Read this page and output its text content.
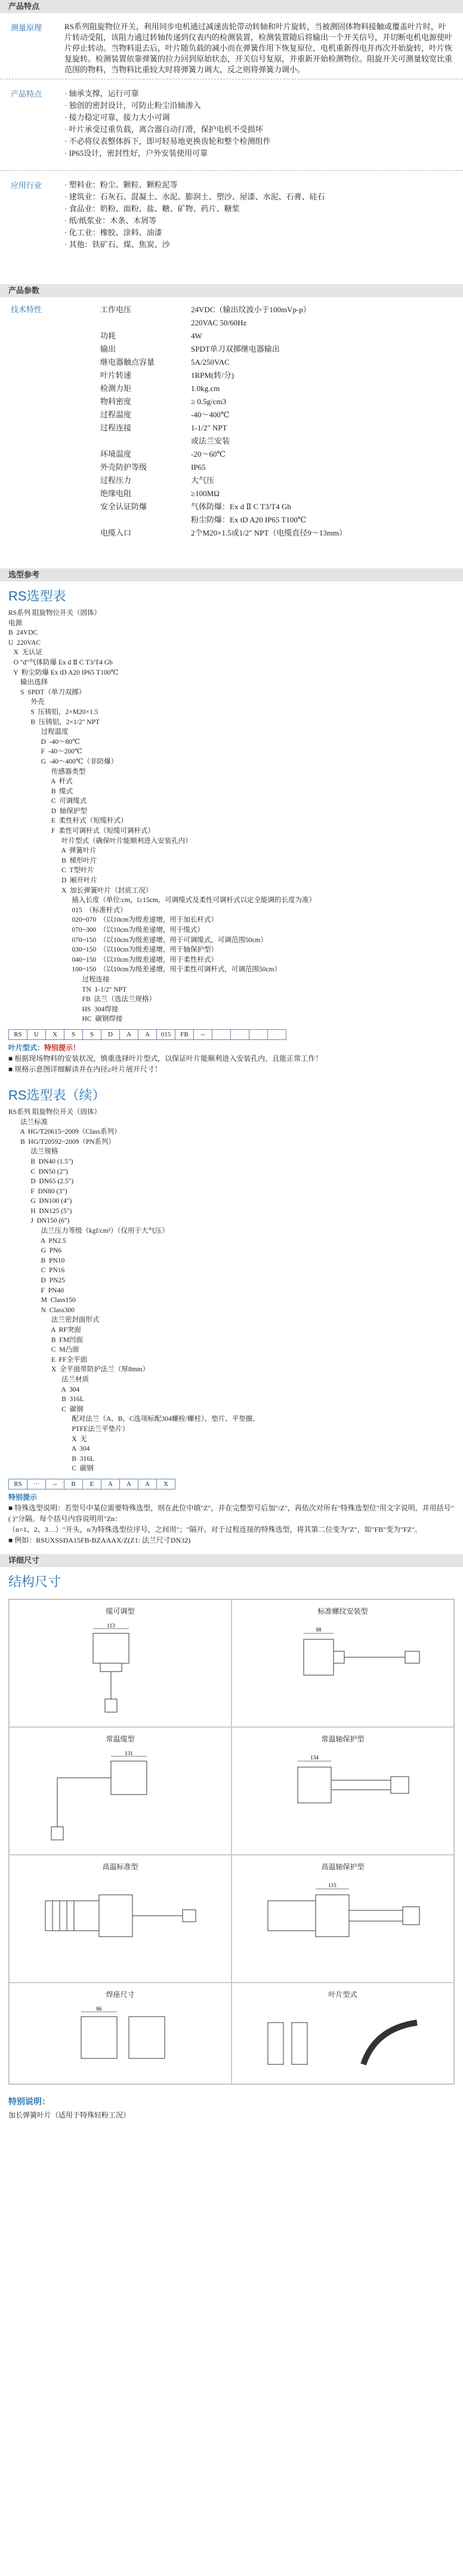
产品特点
测量原理	RS系列阻旋物位开关，利用同步电机通过减速齿轮带动转轴和叶片旋转，当被测固体物料接触或覆盖叶片时，叶片转动受阻，该阻力通过转轴传递到仪表内的检测装置，检测装置随后将输出一个开关信号，并切断电机电源使叶片停止转动。当物料退去后，叶片随负载的减小而在弹簧作用下恢复原位，电机重新得电并再次开始旋转，叶片恢复旋转。检测装置依靠弹簧的拉力回到原始状态，开关信号复原，并重新开始检测物位。阻旋开关可测量较宽比重范围的物料，当物料比重较大时将弹簧力调大，反之则将弹簧力调小。
产品特点	· 轴承支撑，运行可靠
· 独创的密封设计，可防止粉尘沿轴渗入
· 接力稳定可靠，接力大小可调
· 叶片承受过重负载，离合器自动打滑，保护电机不受损坏
· 不必将仪表整体拆下，即可轻易地更换齿轮和整个检测组件
· IP65设计，密封性好，户外安装使用可靠
应用行业	· 塑料业：粉尘、颗粒、颗粒泥等
· 建筑业：石灰石、混凝土、水泥、膨润土、塑沙、屋漆、水泥、石膏、硅石
· 食品业：奶粉、面粉、盐、糖、矿物、药片、糖浆
· 纸/纸浆业：木条、木屑等
· 化工业：橡胶、涂料、油漆
· 其他：铁矿石、煤、焦炭、沙
产品参数
技术特性	工作电压	24VDC（输出纹波小于100mVp-p）
220VAC 50/60Hz
功耗	4W
输出	SPDT单刀双掷继电器输出
继电器触点容量	5A/250VAC
叶片转速	1RPM(转/分)
检测力矩	1.0kg.cm
物料密度	≥ 0.5g/cm3
过程温度	-40～400℃
过程连接	1-1/2" NPT
或法兰安装
环境温度	-20～60℃
外壳防护等级	IP65
过程压力	大气压
绝缘电阻	≥100MΩ
安全认证防爆	气体防爆：Ex d Ⅱ C T3/T4 Gb
粉尘防爆：Ex tD A20 IP65 T100℃
电缆入口	2个M20×1.5或1/2" NPT（电缆直径9～13mm）
选型参考
RS选型表
RS系列 阻旋物位开关（固体）
电源
B  24VDC
U  220VAC
X  无认证
O "d"气体防爆 Ex d Ⅱ C T3/T4 Gb
Y  粉尘防爆 Ex tD A20 IP65 T100℃
输出选择
S  SPDT（单刀双掷）
外壳
S  压铸铝，2×M20×1.5
B  压铸铝，2×1/2" NPT
过程温度
D  -40～80℃
F  -40～200℃
G  -40～400℃（非防爆）
传感器类型
A  杆式
B  缆式
C  可调缆式
D  轴保护型
E  柔性杆式（短缆杆式）
F  柔性可调杆式（短缆可调杆式）
叶片型式（确保叶片能顺利进入安装孔内）
A  弹簧叶片
B  梯形叶片
C  T型叶片
D  厢开叶片
X  加长弹簧叶片（封底工况）
插入长度（单位:cm，l≥15cm，可调缆式及柔性可调杆式以定全能调的长度为准）
015  （标准杆式）
020~070  （以10cm为级差递增，用于加长杆式）
070~300  （以10cm为级差递增，用于缆式）
070~150  （以10cm为级差递增，用于可调缆式，可调范围50cm）
030~150  （以10cm为级差递增，用于轴保护型）
040~150  （以10cm为级差递增，用于柔性杆式）
100~150  （以10cm为级差递增，用于柔性可调杆式，可调范围50cm）
过程连接
TN  1-1/2" NPT
FB  法兰（选法兰规格）
HS  304焊接
HC  碳钢焊接
RS	U	X	S	S	D	A	A	015	FB	--				
叶片型式：特别提示！
■ 根据现场物料的安装状况，慎重选择叶片型式，以保证叶片能顺利进入安装孔内，且能正常工作！
■ 规格示意图详细解读并在内径≥叶片展开尺寸！
RS选型表（续）
RS系列 阻旋物位开关（固体）
法兰标准
A  HG/T20615~2009（Class系列）
B  HG/T20592~2009（PN系列）
法兰规格
B  DN40 (1.5")
C  DN50 (2")
D  DN65 (2.5")
F  DN80 (3")
G  DN100 (4")
H  DN125 (5")
J  DN150 (6")
法兰压力等级（kgf/cm²）（仅用于大气压）
A  PN2.5
G  PN6
B  PN10
C  PN16
D  PN25
F  PN40
M  Class150
N  Class300
法兰密封面形式
A  RF突面
B  FM凹面
C  M凸面
E  FF全平面
X  全平面带防护法兰（厚8mm）
法兰材质
A  304
B  316L
C  碳钢
配对法兰（A、B、C选项标配304螺栓/螺柱）、垫片、平垫圈、
PTFE法兰平垫片）
X  无
A  304
B  316L
C  碳钢
RS	···	--	B	E	A	A	A	X
特别提示
■ 特殊选型说明：若型号中某位需要特殊选型，则在此位中填"Z"，并在完整型号后加"/Z"，再依次对所有"特殊选型位"用文字说明，并用括号"( )"分隔。每个括号内容说明用"Zn：
（n=1、2、3…）"开头，n为特殊选型位序号，之间用"；"隔开。对于过程连接的特殊选型，将其第二位变为"Z"，如"FB"变为"FZ"。
■ 例如：RSUXSSDA15FB-BZAAAX/Z(Z1: 法兰尺寸DN32)
详细尺寸
结构尺寸
缆可调型
113
标准螺纹安装型
98
常温缆型
131
常温轴保护型
134
高温标准型	高温轴保护型
115
焊座尺寸
86
叶片型式
特别说明：
加长弹簧叶片（适用于特殊轻粉工况）
